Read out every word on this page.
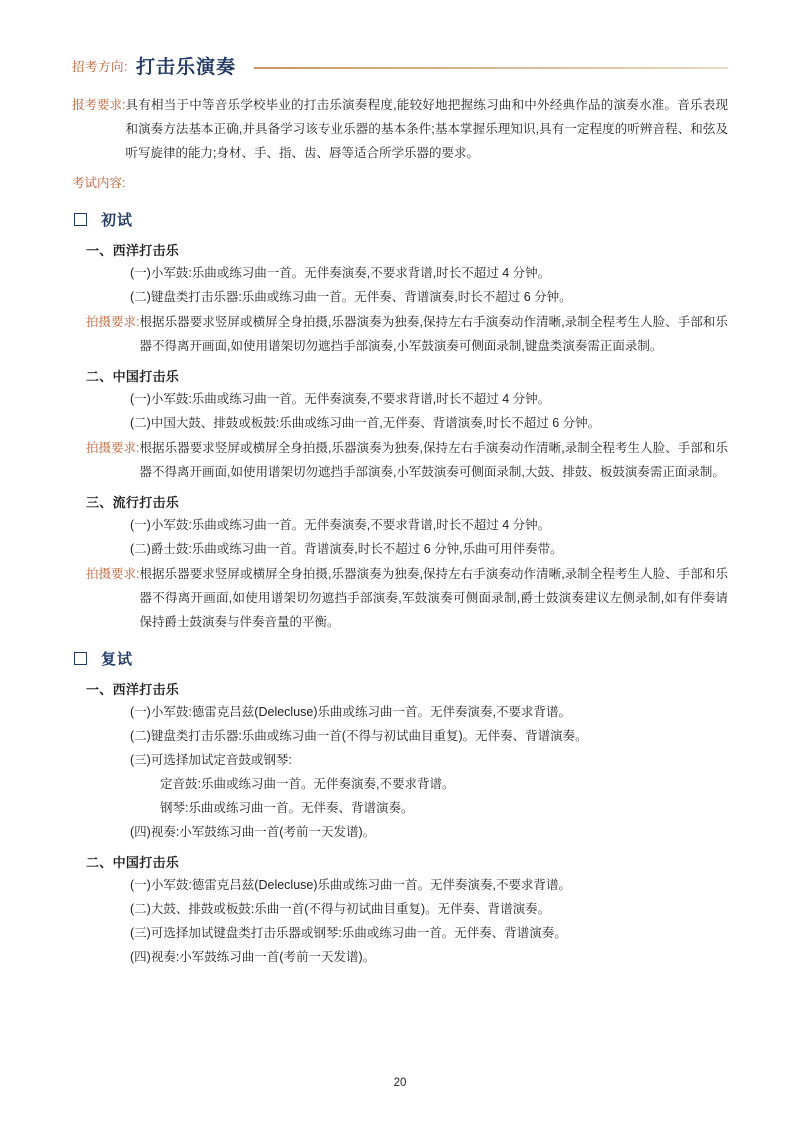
招考方向: 打击乐演奏
报考要求: 具有相当于中等音乐学校毕业的打击乐演奏程度,能较好地把握练习曲和中外经典作品的演奏水准。音乐表现和演奏方法基本正确,并具备学习该专业乐器的基本条件;基本掌握乐理知识,具有一定程度的听辨音程、和弦及听写旋律的能力;身材、手、指、齿、唇等适合所学乐器的要求。
考试内容:
初试
一、西洋打击乐
(一)小军鼓:乐曲或练习曲一首。无伴奏演奏,不要求背谱,时长不超过 4 分钟。
(二)键盘类打击乐器:乐曲或练习曲一首。无伴奏、背谱演奏,时长不超过 6 分钟。
拍摄要求: 根据乐器要求竖屏或横屏全身拍摄,乐器演奏为独奏,保持左右手演奏动作清晰,录制全程考生人脸、手部和乐器不得离开画面,如使用谱架切勿遮挡手部演奏,小军鼓演奏可侧面录制,键盘类演奏需正面录制。
二、中国打击乐
(一)小军鼓:乐曲或练习曲一首。无伴奏演奏,不要求背谱,时长不超过 4 分钟。
(二)中国大鼓、排鼓或板鼓:乐曲或练习曲一首,无伴奏、背谱演奏,时长不超过 6 分钟。
拍摄要求: 根据乐器要求竖屏或横屏全身拍摄,乐器演奏为独奏,保持左右手演奏动作清晰,录制全程考生人脸、手部和乐器不得离开画面,如使用谱架切勿遮挡手部演奏,小军鼓演奏可侧面录制,大鼓、排鼓、板鼓演奏需正面录制。
三、流行打击乐
(一)小军鼓:乐曲或练习曲一首。无伴奏演奏,不要求背谱,时长不超过 4 分钟。
(二)爵士鼓:乐曲或练习曲一首。背谱演奏,时长不超过 6 分钟,乐曲可用伴奏带。
拍摄要求: 根据乐器要求竖屏或横屏全身拍摄,乐器演奏为独奏,保持左右手演奏动作清晰,录制全程考生人脸、手部和乐器不得离开画面,如使用谱架切勿遮挡手部演奏,军鼓演奏可侧面录制,爵士鼓演奏建议左侧录制,如有伴奏请保持爵士鼓演奏与伴奏音量的平衡。
复试
一、西洋打击乐
(一)小军鼓:德雷克吕兹(Delecluse)乐曲或练习曲一首。无伴奏演奏,不要求背谱。
(二)键盘类打击乐器:乐曲或练习曲一首(不得与初试曲目重复)。无伴奏、背谱演奏。
(三)可选择加试定音鼓或钢琴:
定音鼓:乐曲或练习曲一首。无伴奏演奏,不要求背谱。
钢琴:乐曲或练习曲一首。无伴奏、背谱演奏。
(四)视奏:小军鼓练习曲一首(考前一天发谱)。
二、中国打击乐
(一)小军鼓:德雷克吕兹(Delecluse)乐曲或练习曲一首。无伴奏演奏,不要求背谱。
(二)大鼓、排鼓或板鼓:乐曲一首(不得与初试曲目重复)。无伴奏、背谱演奏。
(三)可选择加试键盘类打击乐器或钢琴:乐曲或练习曲一首。无伴奏、背谱演奏。
(四)视奏:小军鼓练习曲一首(考前一天发谱)。
20
